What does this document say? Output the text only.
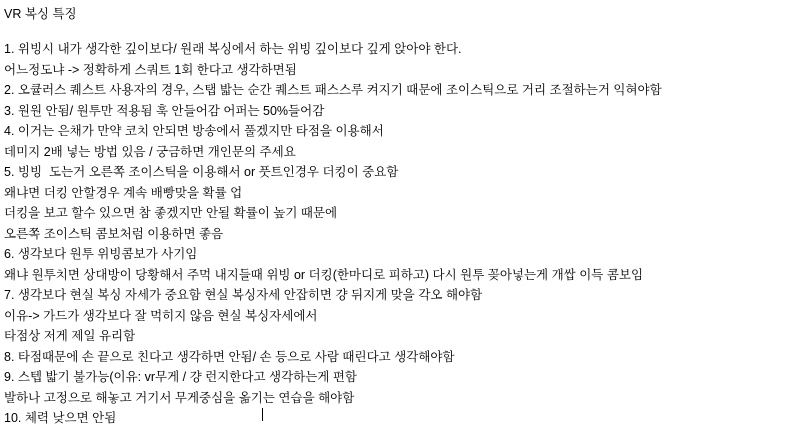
VR 복싱 특징

1. 위빙시 내가 생각한 깊이보다/ 원래 복싱에서 하는 위빙 깊이보다 깊게 앉아야 한다.

어느정도냐 -> 정확하게 스쿼트 1회 한다고 생각하면됨

2. 오큘러스 퀘스트 사용자의 경우, 스탭 밟는 순간 퀘스트 패스스루 켜지기 때문에 조이스틱으로 거리 조절하는거 익혀야함

3. 원원 안됨/ 원투만 적용됨 훅 안들어감 어퍼는 50%들어감

4. 이거는 은채가 만약 코치 안되면 방송에서 풀겠지만 타점을 이용해서

데미지 2배 넣는 방법 있음 / 궁금하면 개인문의 주세요

5. 빙빙  도는거 오른쪽 조이스틱을 이용해서 or 풋트인경우 더킹이 중요함

왜냐면 더킹 안할경우 계속 배빵맞을 확률 업

더킹을 보고 할수 있으면 참 좋겠지만 안될 확률이 높기 때문에

오른쪽 조이스틱 콤보처럼 이용하면 좋음

6. 생각보다 원투 위빙콤보가 사기임

왜냐 원투치면 상대방이 당황해서 주먹 내지들때 위빙 or 더킹(한마디로 피하고) 다시 원투 꽂아넣는게 개쌉 이득 콤보임

7. 생각보다 현실 복싱 자세가 중요함 현실 복싱자세 안잡히면 걍 뒤지게 맞을 각오 해야함

이유-> 가드가 생각보다 잘 먹히지 않음 현실 복싱자세에서

타점상 저게 제일 유리함

8. 타점때문에 손 끝으로 친다고 생각하면 안됨/ 손 등으로 사람 때린다고 생각해야함

9. 스텝 밟기 불가능(이유: vr무게 / 걍 런지한다고 생각하는게 편함

발하나 고정으로 해놓고 거기서 무게중심을 옮기는 연습을 해야함

10. 체력 낮으면 안됨
